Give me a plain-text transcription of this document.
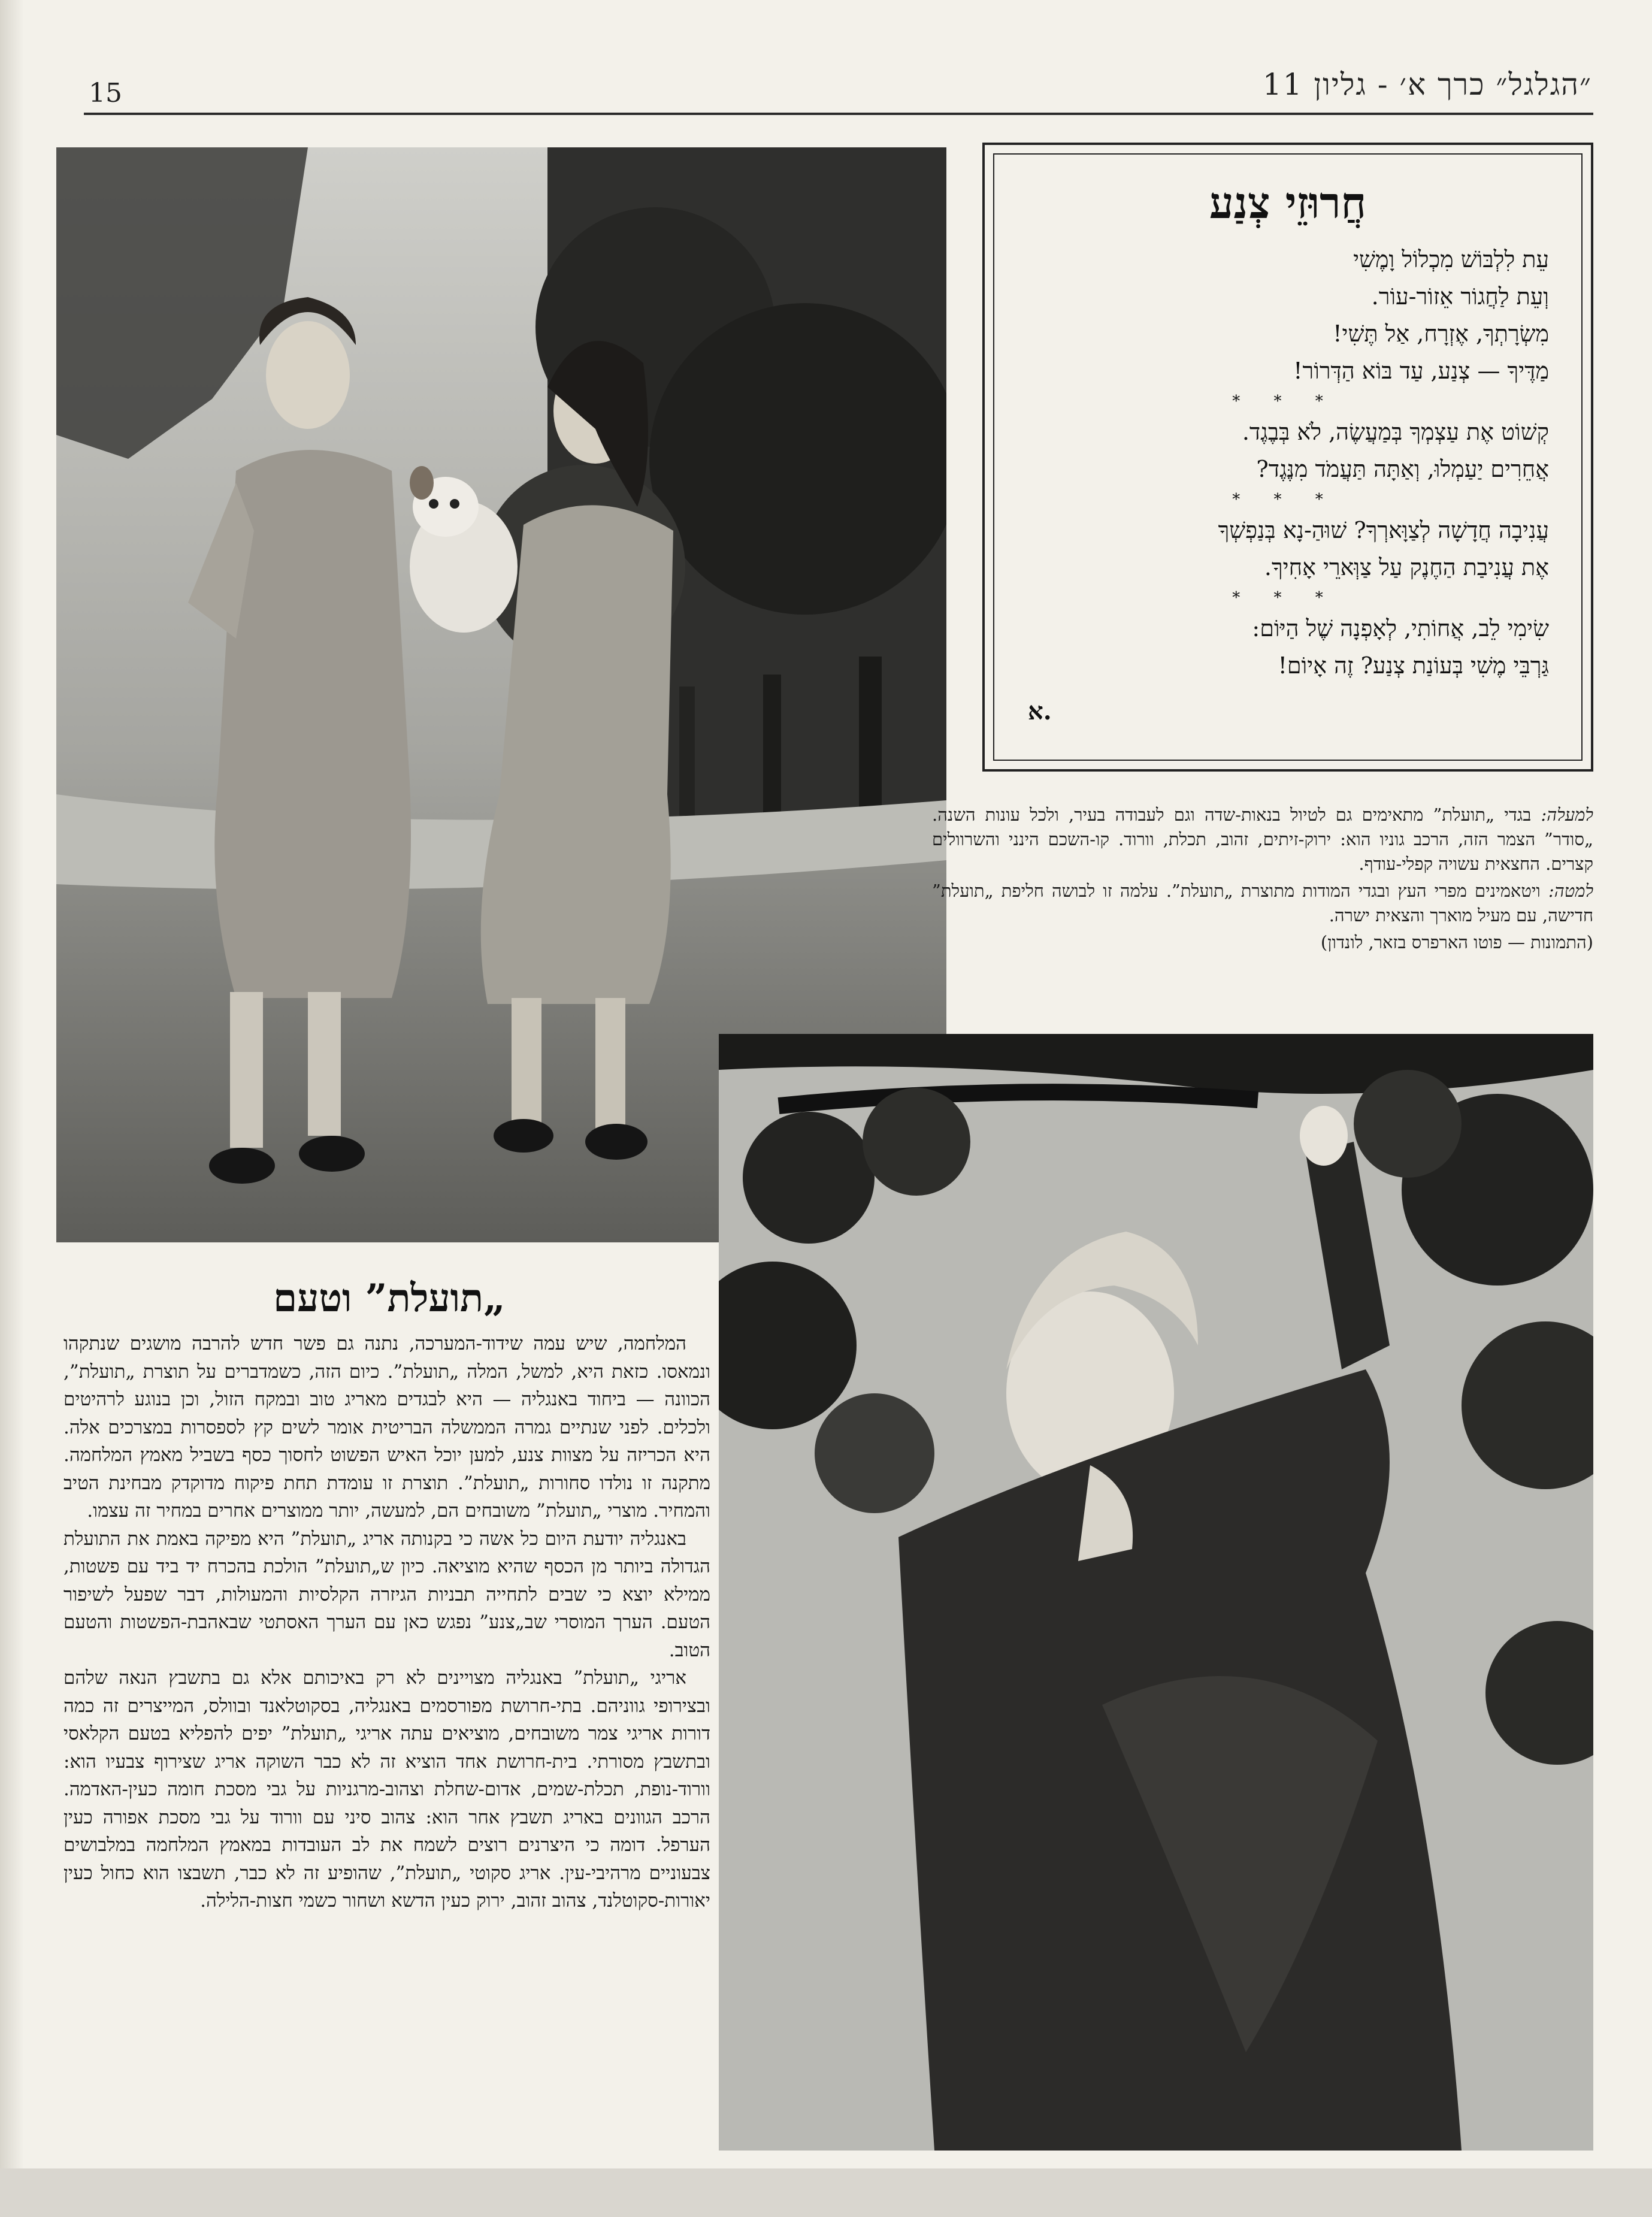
15	״הגלגל״ כרך א׳ - גליון 11
חֲרוּזֵי צְנַע
עֵת לִלְבּוֹשׁ מִכְלוֹל וָמֶשִׁי
וְעֵת לַחֲגוֹר אֵזוֹר-עוֹר.
מִשְׂרָתְךָ, אֶזְרָח, אַל תֶּשִׁי!
מַדֶּיךָ — צְנַע, עַד בּוֹא הַדְּרוֹר!
* * *
קְשׁוֹט אֶת עַצְמְךָ בְּמַעֲשֶׂה, לֹא בְּבֶגֶד.
אֲחֵרִים יַעַמְלוּ, וְאַתָּה תַּעֲמֹד מִנֶּגֶד?
* * *
עֲנִיבָה חֲדָשָׁה לְצַוָּארְךָ? שׁוּהַ-נָא בְּנַפְשְׁךָ
אֶת עֲנִיבַת הַחֶנֶק עַל צַוְּארֵי אָחִיךָ.
* * *
שִׂימִי לֵב, אֲחוֹתִי, לְאָפְנָה שֶׁל הַיּוֹם:
גַּרְבֵּי מֶשִׁי בְּעוֹנַת צְנַע? זֶה אָיוֹם!
א.

למעלה: בגדי „תועלת” מתאימים גם לטיול בנאות-שדה וגם לעבודה בעיר, ולכל עונות השנה. „סודר” הצמר הזה, הרכב גוניו הוא: ירוק-זיתים, זהוב, תכלת, וורוד. קו-השכם הינני והשרוולים קצרים. החצאית עשויה קפלי-עודף.

למטה: ויטאמינים מפרי העץ ובגדי המודות מתוצרת „תועלת”. עלמה זו לבושה חליפת „תועלת” חדישה, עם מעיל מוארך והצאית ישרה.

(התמונות — פוטו הארפרס בזאר, לונדון)

„תועלת” וטעם

המלחמה, שיש עמה שידוד-המערכה, נתנה גם פשר חדש להרבה מושגים שנתקהו ונמאסו. כזאת היא, למשל, המלה „תועלת”. כיום הזה, כשמדברים על תוצרת „תועלת”, הכוונה — ביחוד באנגליה — היא לבגדים מאריג טוב ובמקח הזול, וכן בנוגע לרהיטים ולכלים. לפני שנתיים גמרה הממשלה הבריטית אומר לשים קץ לספסרות במצרכים אלה. היא הכריזה על מצוות צנע, למען יוכל האיש הפשוט לחסוך כסף בשביל מאמץ המלחמה. מתקנה זו נולדו סחורות „תועלת”. תוצרת זו עומדת תחת פיקוח מדוקדק מבחינת הטיב והמחיר. מוצרי „תועלת” משובחים הם, למעשה, יותר ממוצרים אחרים במחיר זה עצמו.

באנגליה יודעת היום כל אשה כי בקנותה אריג „תועלת” היא מפיקה באמת את התועלת הגדולה ביותר מן הכסף שהיא מוציאה. כיון ש„תועלת” הולכת בהכרח יד ביד עם פשטות, ממילא יוצא כי שבים לתחייה תבניות הגיזרה הקלסיות והמעולות, דבר שפעל לשיפור הטעם. הערך המוסרי שב„צנע” נפגש כאן עם הערך האסתטי שבאהבת-הפשטות והטעם הטוב.

אריגי „תועלת” באנגליה מצויינים לא רק באיכותם אלא גם בתשבץ הנאה שלהם ובצירופי גווניהם. בתי-חרושת מפורסמים באנגליה, בסקוטלאנד ובוולס, המייצרים זה כמה דורות אריגי צמר משובחים, מוציאים עתה אריגי „תועלת” יפים להפליא בטעם הקלאסי ובתשבץ מסורתי. בית-חרושת אחד הוציא זה לא כבר השוקה אריג שצירוף צבעיו הוא: וורוד-נופת, תכלת-שמים, אדום-שחלת וצהוב-מרגניות על גבי מסכת חומה כעין-האדמה. הרכב הגוונים באריג תשבץ אחר הוא: צהוב סיני עם וורוד על גבי מסכת אפורה כעין הערפל. דומה כי היצרנים רוצים לשמח את לב העובדות במאמץ המלחמה במלבושים צבעוניים מרהיבי-עין. אריג סקוטי „תועלת”, שהופיע זה לא כבר, תשבצו הוא כחול כעין יאורות-סקוטלנד, צהוב זהוב, ירוק כעין הדשא ושחור כשמי חצות-הלילה.
